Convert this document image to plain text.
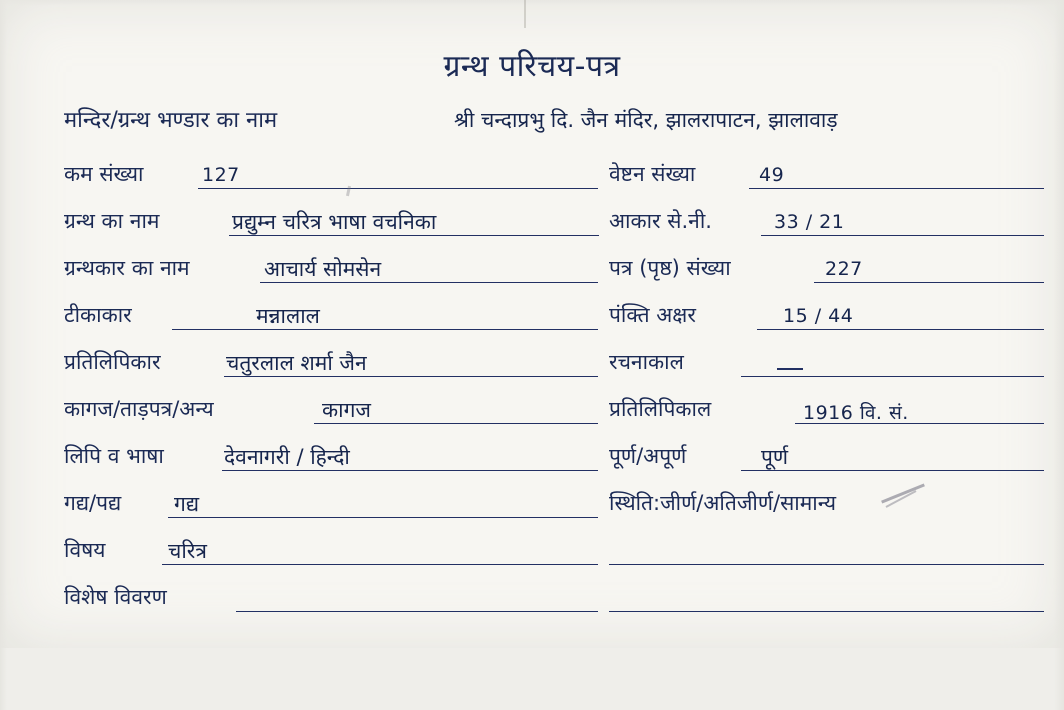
ग्रन्थ परिचय-पत्र
मन्दिर/ग्रन्थ भण्डार का नाम	श्री चन्दाप्रभु दि. जैन मंदिर, झालरापाटन, झालावाड़
कम संख्या	127	वेष्टन संख्या	49
ग्रन्थ का नाम	प्रद्युम्न चरित्र भाषा वचनिका	आकार से.नी.	33 / 21
ग्रन्थकार का नाम	आचार्य सोमसेन	पत्र (पृष्ठ) संख्या	227
टीकाकार	मन्नालाल	पंक्ति अक्षर	15 / 44
प्रतिलिपिकार	चतुरलाल शर्मा जैन	रचनाकाल
कागज/ताड़पत्र/अन्य	कागज	प्रतिलिपिकाल	1916 वि. सं.
लिपि व भाषा	देवनागरी / हिन्दी	पूर्ण/अपूर्ण	पूर्ण
गद्य/पद्य	गद्य	स्थिति:जीर्ण/अतिजीर्ण/सामान्य
विषय	चरित्र
विशेष विवरण
